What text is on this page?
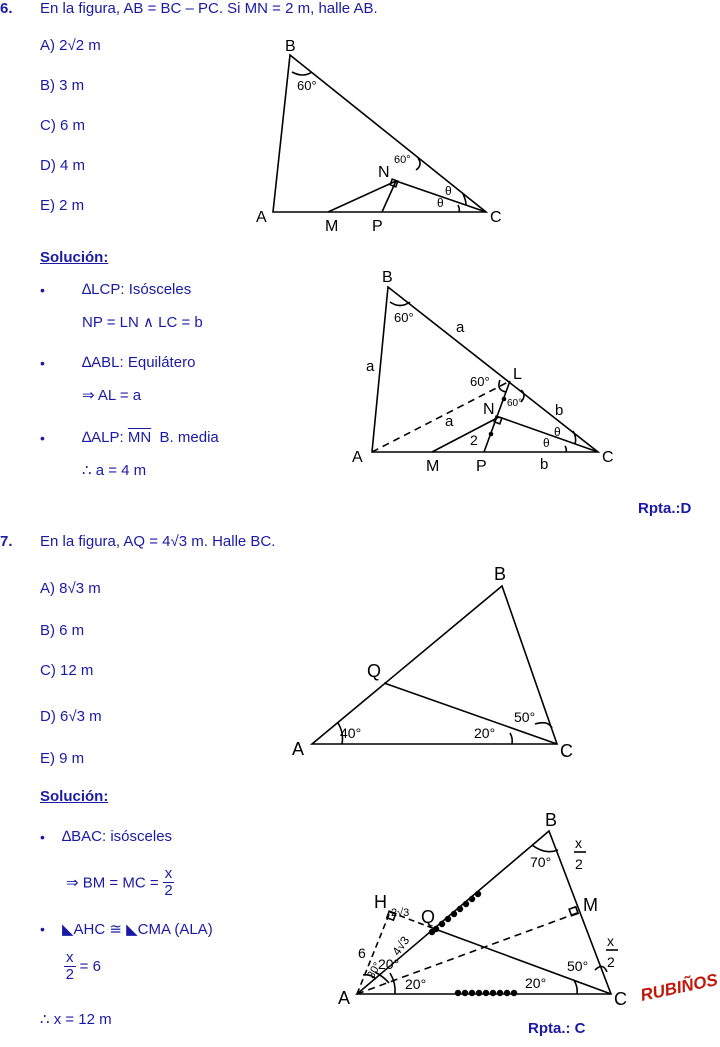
6. En la figura, AB = BC – PC. Si MN = 2 m, halle AB.
A) 2√2 m
B) 3 m
C) 6 m
D) 4 m
E) 2 m
B
60°
A
M P
C
N
60°
θ
θ
Solución:
• ∆LCP: Isósceles
NP = LN ∧ LC = b
• ∆ABL: Equilátero
⇒ AL = a
• ∆ALP: $\overline{MN}$ B. media
∴ a = 4 m
B
60°
a
a	L
60°
N 60° b
θ
θ
a
2
A
M P	b	C
Rpta.:D
7. En la figura, AQ = 4√3 m. Halle BC.
A) 8√3 m
B) 6 m
C) 12 m
D) 6√3 m
E) 9 m
B
Q
A	C
40°	20°
50°
Solución:
• ∆BAC: isósceles
⇒ BM = MC = $\frac{x}{2}$
• ◣AHC ≅ ◣CMA (ALA)
$\frac{x}{2} = 6$
∴ x = 12 m
B
70°
x
2
M
H
2√3 Q
6 4√3
30°
20°
20°	20°
50°
x
2
A	C
Rpta.: C
RUBIÑOS
